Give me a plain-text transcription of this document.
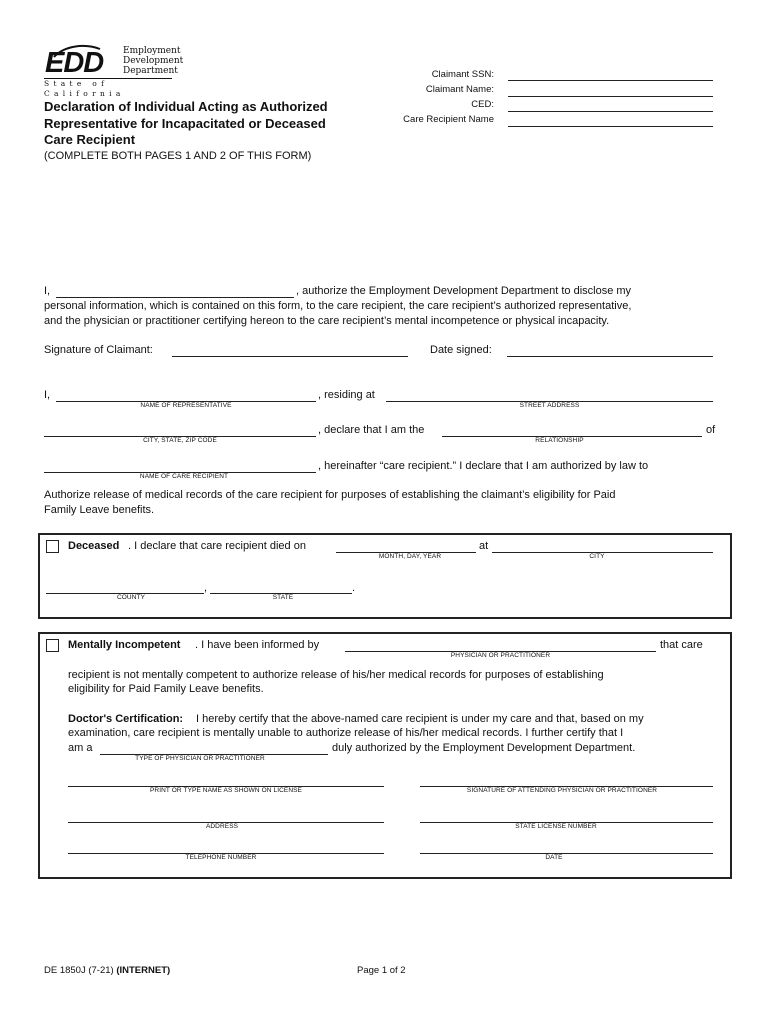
EDD Employment
Development
Department
State of California
Claimant SSN:
Claimant Name:
CED:
Care Recipient Name
Declaration of Individual Acting as Authorized
Representative for Incapacitated or Deceased
Care Recipient
(COMPLETE BOTH PAGES 1 AND 2 OF THIS FORM)
I,	, authorize the Employment Development Department to disclose my
personal information, which is contained on this form, to the care recipient, the care recipient’s authorized representative,
and the physician or practitioner certifying hereon to the care recipient’s mental incompetence or physical incapacity.
Signature of Claimant:	Date signed:
I,
NAME OF REPRESENTATIVE
, residing at
STREET ADDRESS
CITY, STATE, ZIP CODE
, declare that I am the
RELATIONSHIP
of
NAME OF CARE RECIPIENT
, hereinafter “care recipient.” I declare that I am authorized by law to
Authorize release of medical records of the care recipient for purposes of establishing the claimant’s eligibility for Paid
Family Leave benefits.
Deceased . I declare that care recipient died on
MONTH, DAY, YEAR
at
CITY
COUNTY
,
STATE
.
Mentally Incompetent . I have been informed by
PHYSICIAN OR PRACTITIONER
that care
recipient is not mentally competent to authorize release of his/her medical records for purposes of establishing
eligibility for Paid Family Leave benefits.
Doctor's Certification: I hereby certify that the above-named care recipient is under my care and that, based on my
examination, care recipient is mentally unable to authorize release of his/her medical records. I further certify that I
am a
TYPE OF PHYSICIAN OR PRACTITIONER
duly authorized by the Employment Development Department.
PRINT OR TYPE NAME AS SHOWN ON LICENSE	SIGNATURE OF ATTENDING PHYSICIAN OR PRACTITIONER
ADDRESS	STATE LICENSE NUMBER
TELEPHONE NUMBER	DATE
DE 1850J (7-21) (INTERNET)	Page 1 of 2
